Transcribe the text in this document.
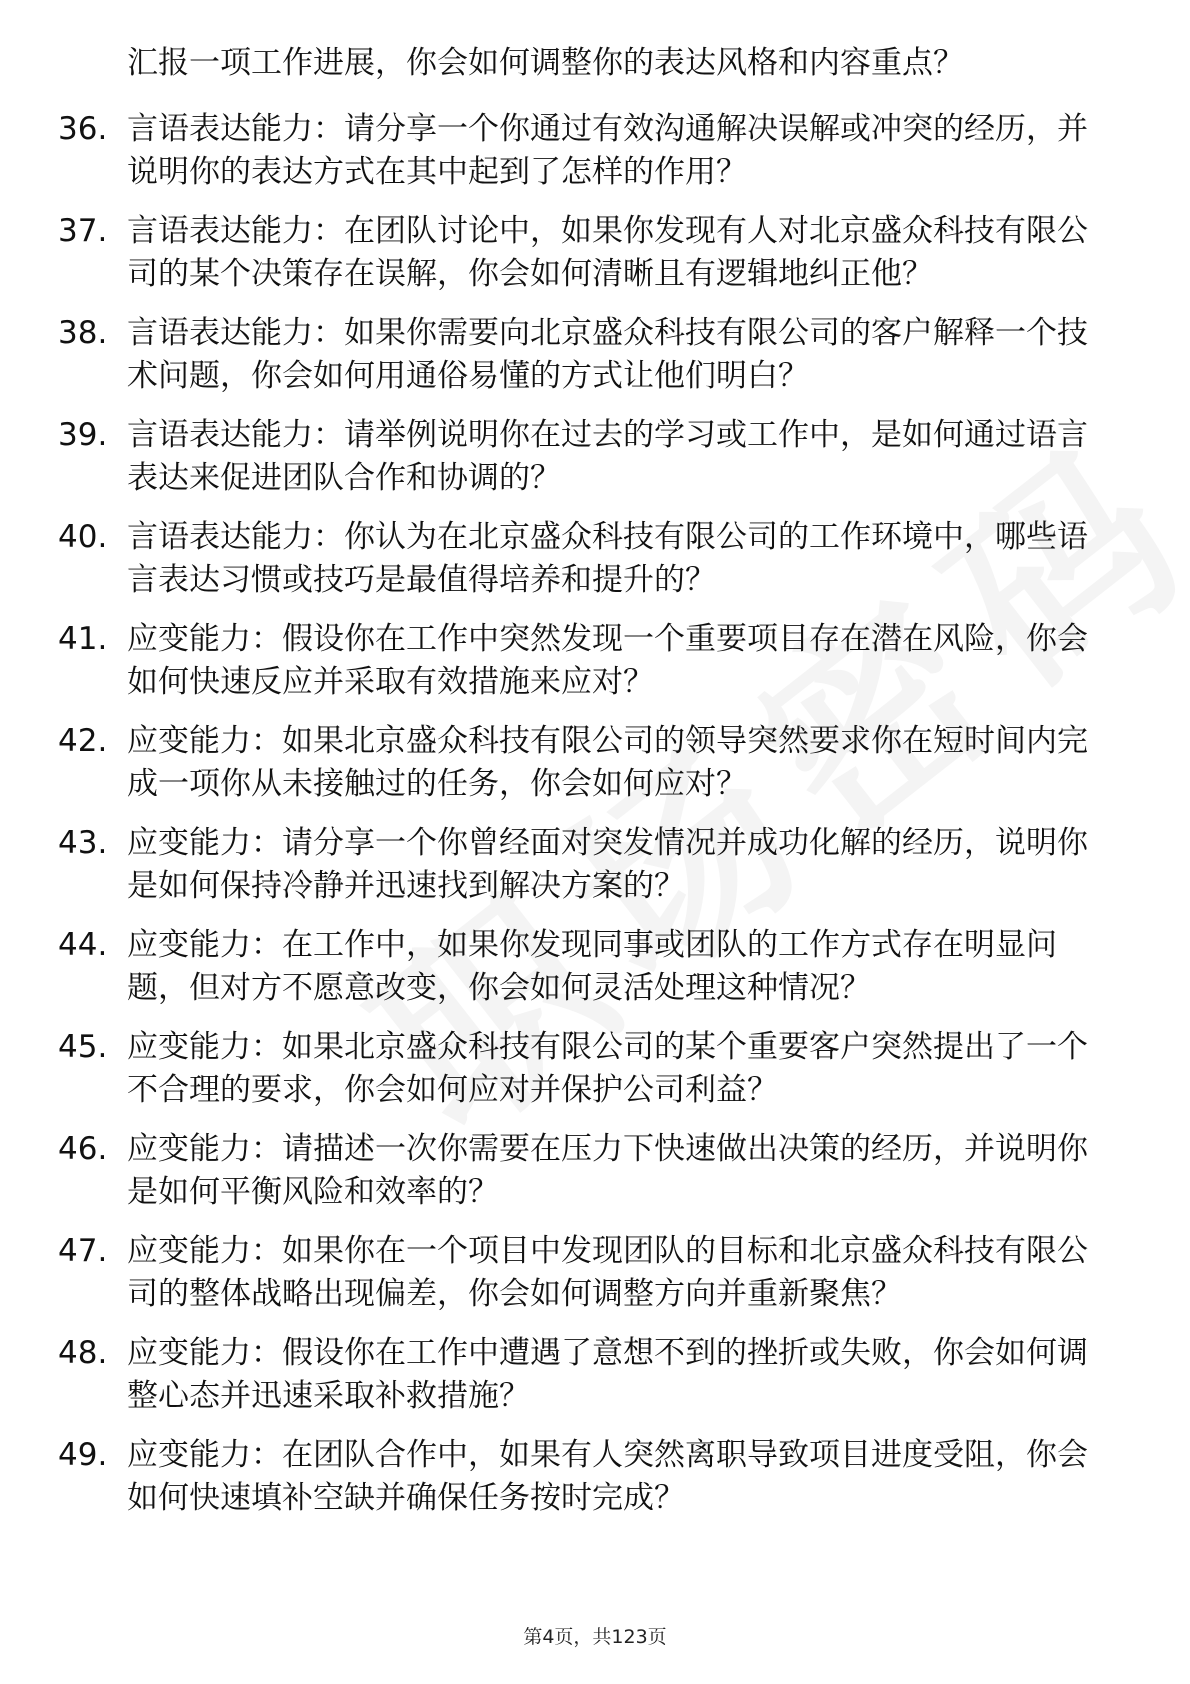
汇报一项工作进展，你会如何调整你的表达风格和内容重点？
36. 言语表达能力：请分享一个你通过有效沟通解决误解或冲突的经历，并说明你的表达方式在其中起到了怎样的作用？
37. 言语表达能力：在团队讨论中，如果你发现有人对北京盛众科技有限公司的某个决策存在误解，你会如何清晰且有逻辑地纠正他？
38. 言语表达能力：如果你需要向北京盛众科技有限公司的客户解释一个技术问题，你会如何用通俗易懂的方式让他们明白？
39. 言语表达能力：请举例说明你在过去的学习或工作中，是如何通过语言表达来促进团队合作和协调的？
40. 言语表达能力：你认为在北京盛众科技有限公司的工作环境中，哪些语言表达习惯或技巧是最值得培养和提升的？
41. 应变能力：假设你在工作中突然发现一个重要项目存在潜在风险，你会如何快速反应并采取有效措施来应对？
42. 应变能力：如果北京盛众科技有限公司的领导突然要求你在短时间内完成一项你从未接触过的任务，你会如何应对？
43. 应变能力：请分享一个你曾经面对突发情况并成功化解的经历，说明你是如何保持冷静并迅速找到解决方案的？
44. 应变能力：在工作中，如果你发现同事或团队的工作方式存在明显问题，但对方不愿意改变，你会如何灵活处理这种情况？
45. 应变能力：如果北京盛众科技有限公司的某个重要客户突然提出了一个不合理的要求，你会如何应对并保护公司利益？
46. 应变能力：请描述一次你需要在压力下快速做出决策的经历，并说明你是如何平衡风险和效率的？
47. 应变能力：如果你在一个项目中发现团队的目标和北京盛众科技有限公司的整体战略出现偏差，你会如何调整方向并重新聚焦？
48. 应变能力：假设你在工作中遭遇了意想不到的挫折或失败，你会如何调整心态并迅速采取补救措施？
49. 应变能力：在团队合作中，如果有人突然离职导致项目进度受阻，你会如何快速填补空缺并确保任务按时完成？
第4页，共123页
